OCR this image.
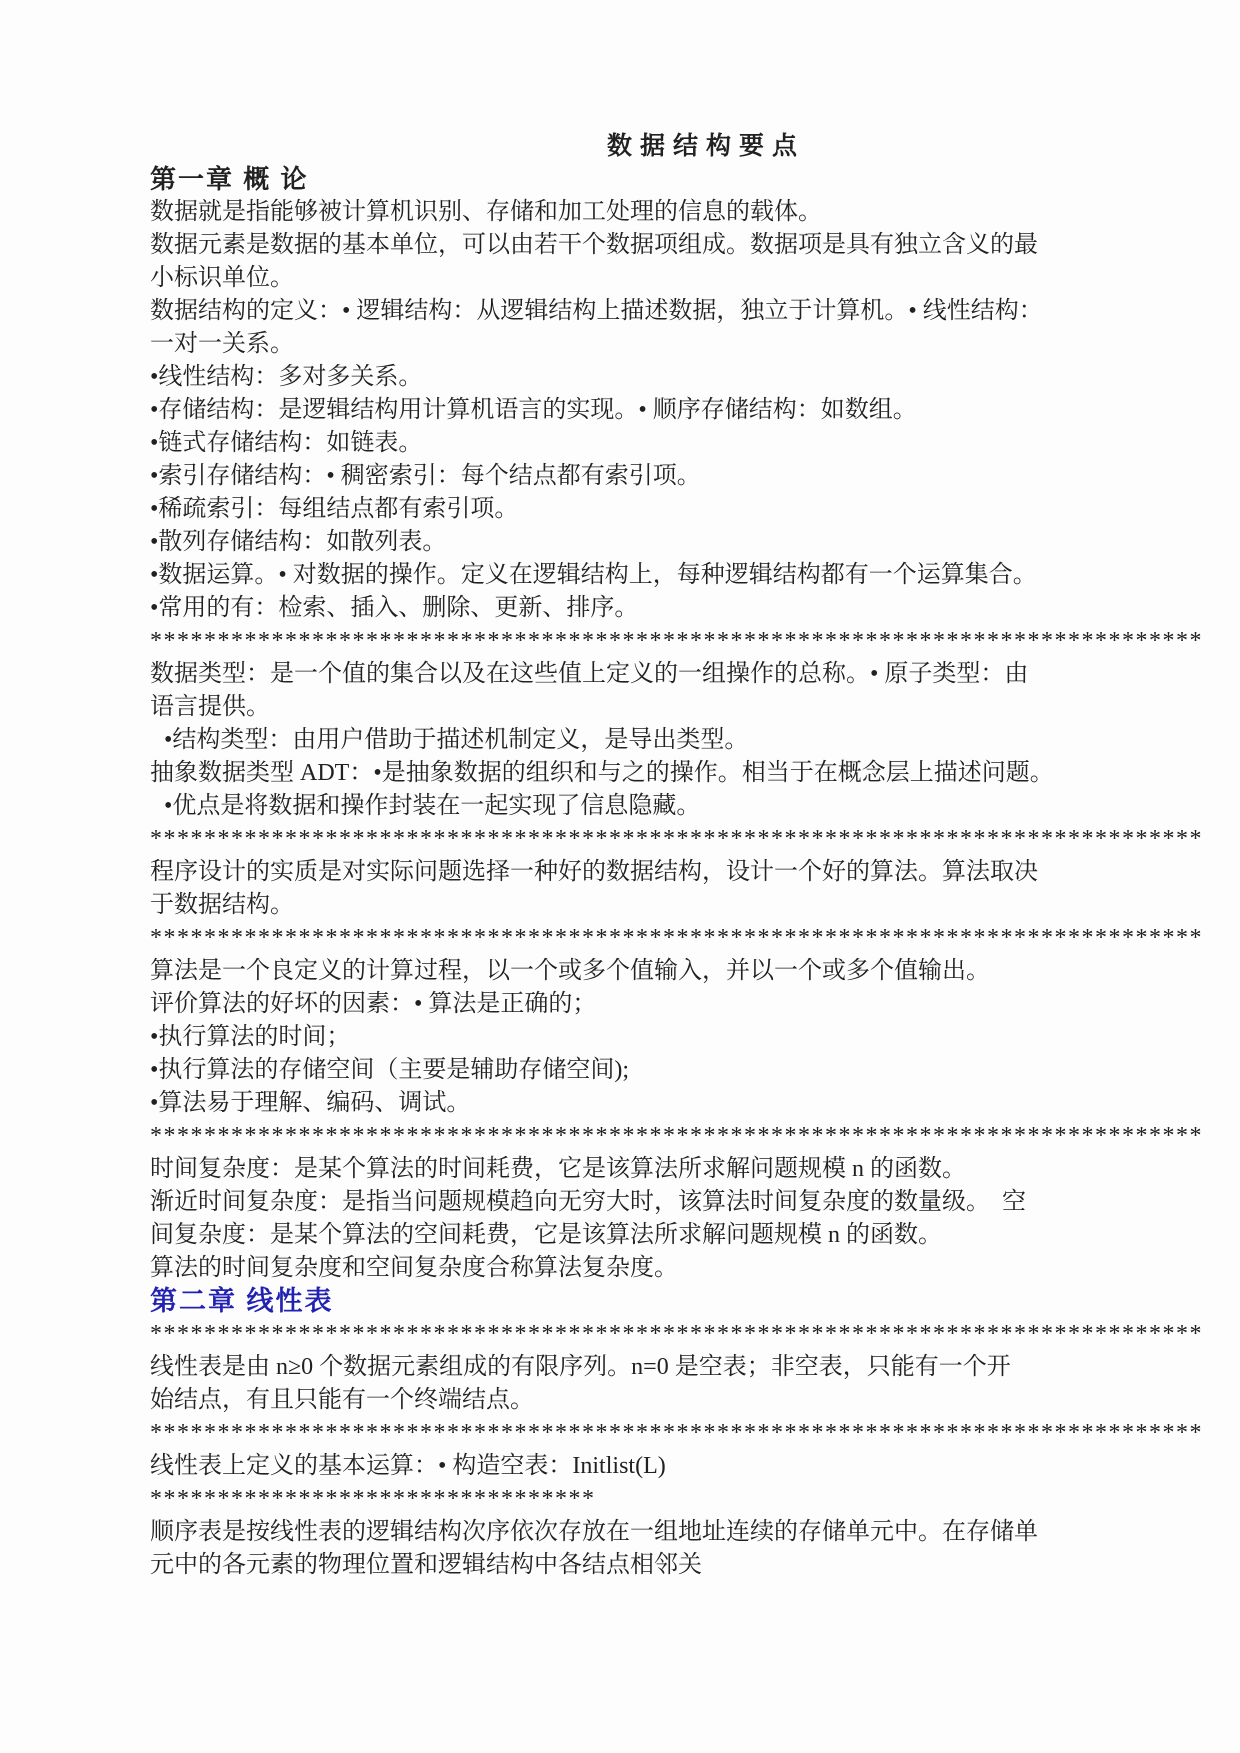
数据结构要点
第一章 概 论
数据就是指能够被计算机识别、存储和加工处理的信息的载体。
数据元素是数据的基本单位，可以由若干个数据项组成。数据项是具有独立含义的最
小标识单位。
数据结构的定义：• 逻辑结构：从逻辑结构上描述数据，独立于计算机。• 线性结构：
一对一关系。
•线性结构：多对多关系。
•存储结构：是逻辑结构用计算机语言的实现。• 顺序存储结构：如数组。
•链式存储结构：如链表。
•索引存储结构：• 稠密索引：每个结点都有索引项。
•稀疏索引：每组结点都有索引项。
•散列存储结构：如散列表。
•数据运算。• 对数据的操作。定义在逻辑结构上，每种逻辑结构都有一个运算集合。
•常用的有：检索、插入、删除、更新、排序。
******************************************************************************
数据类型：是一个值的集合以及在这些值上定义的一组操作的总称。• 原子类型：由
语言提供。
•结构类型：由用户借助于描述机制定义，是导出类型。
抽象数据类型 ADT：•是抽象数据的组织和与之的操作。相当于在概念层上描述问题。
•优点是将数据和操作封装在一起实现了信息隐藏。
******************************************************************************
程序设计的实质是对实际问题选择一种好的数据结构，设计一个好的算法。算法取决
于数据结构。
******************************************************************************
算法是一个良定义的计算过程，以一个或多个值输入，并以一个或多个值输出。
评价算法的好坏的因素：• 算法是正确的；
•执行算法的时间；
•执行算法的存储空间（主要是辅助存储空间);
•算法易于理解、编码、调试。
******************************************************************************
时间复杂度：是某个算法的时间耗费，它是该算法所求解问题规模 n 的函数。
渐近时间复杂度：是指当问题规模趋向无穷大时，该算法时间复杂度的数量级。　空
间复杂度：是某个算法的空间耗费，它是该算法所求解问题规模 n 的函数。
算法的时间复杂度和空间复杂度合称算法复杂度。
第二章 线性表
******************************************************************************
线性表是由 n≥0 个数据元素组成的有限序列。n=0 是空表；非空表，只能有一个开
始结点，有且只能有一个终端结点。
******************************************************************************
线性表上定义的基本运算：• 构造空表：Initlist(L)
*********************************
顺序表是按线性表的逻辑结构次序依次存放在一组地址连续的存储单元中。在存储单
元中的各元素的物理位置和逻辑结构中各结点相邻关
